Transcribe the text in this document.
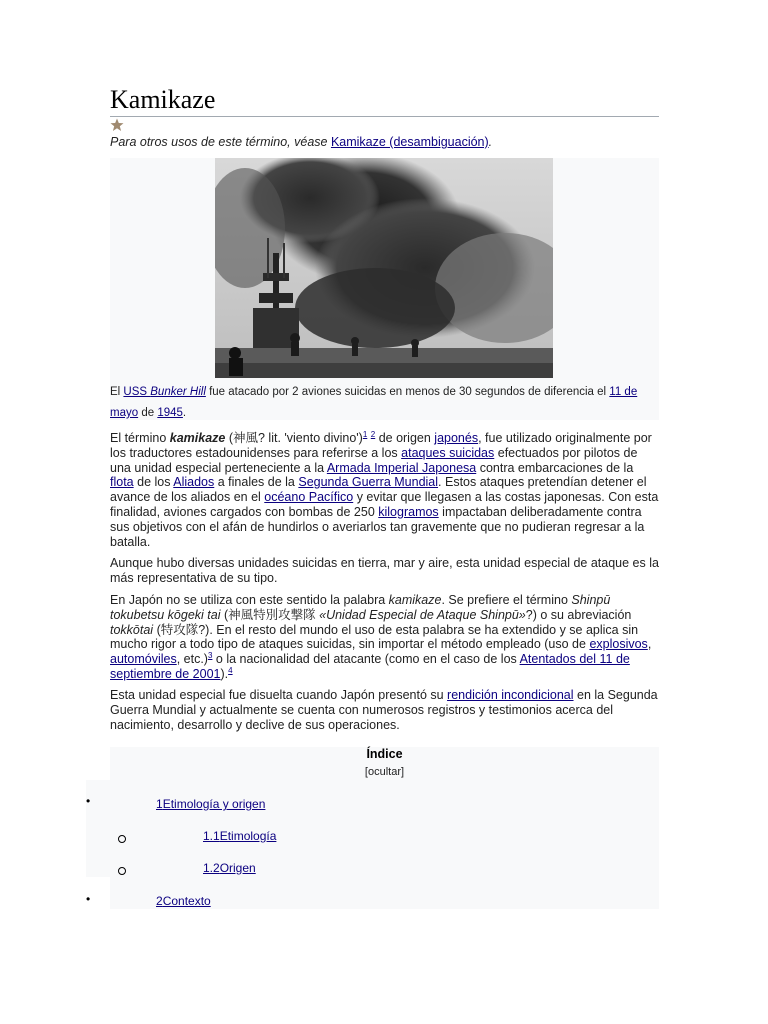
Kamikaze
Para otros usos de este término, véase Kamikaze (desambiguación).
El USS Bunker Hill fue atacado por 2 aviones suicidas en menos de 30 segundos de diferencia el 11 de mayo de 1945.

El término kamikaze (神風? lit. 'viento divino')$^1$ $^2$ de origen japonés, fue utilizado originalmente por los traductores estadounidenses para referirse a los ataques suicidas efectuados por pilotos de una unidad especial perteneciente a la Armada Imperial Japonesa contra embarcaciones de la flota de los Aliados a finales de la Segunda Guerra Mundial. Estos ataques pretendían detener el avance de los aliados en el océano Pacífico y evitar que llegasen a las costas japonesas. Con esta finalidad, aviones cargados con bombas de 250 kilogramos impactaban deliberadamente contra sus objetivos con el afán de hundirlos o averiarlos tan gravemente que no pudieran regresar a la batalla.

Aunque hubo diversas unidades suicidas en tierra, mar y aire, esta unidad especial de ataque es la más representativa de su tipo.

En Japón no se utiliza con este sentido la palabra kamikaze. Se prefiere el término Shinpū tokubetsu kōgeki tai (神風特別攻撃隊 «Unidad Especial de Ataque Shinpū»?) o su abreviación tokkōtai (特攻隊?). En el resto del mundo el uso de esta palabra se ha extendido y se aplica sin mucho rigor a todo tipo de ataques suicidas, sin importar el método empleado (uso de explosivos, automóviles, etc.)$^3$ o la nacionalidad del atacante (como en el caso de los Atentados del 11 de septiembre de 2001).$^4$

Esta unidad especial fue disuelta cuando Japón presentó su rendición incondicional en la Segunda Guerra Mundial y actualmente se cuenta con numerosos registros y testimonios acerca del nacimiento, desarrollo y declive de sus operaciones.

Índice
[ocultar]
•	1Etimología y origen
1.1Etimología
1.2Origen
•	2Contexto
